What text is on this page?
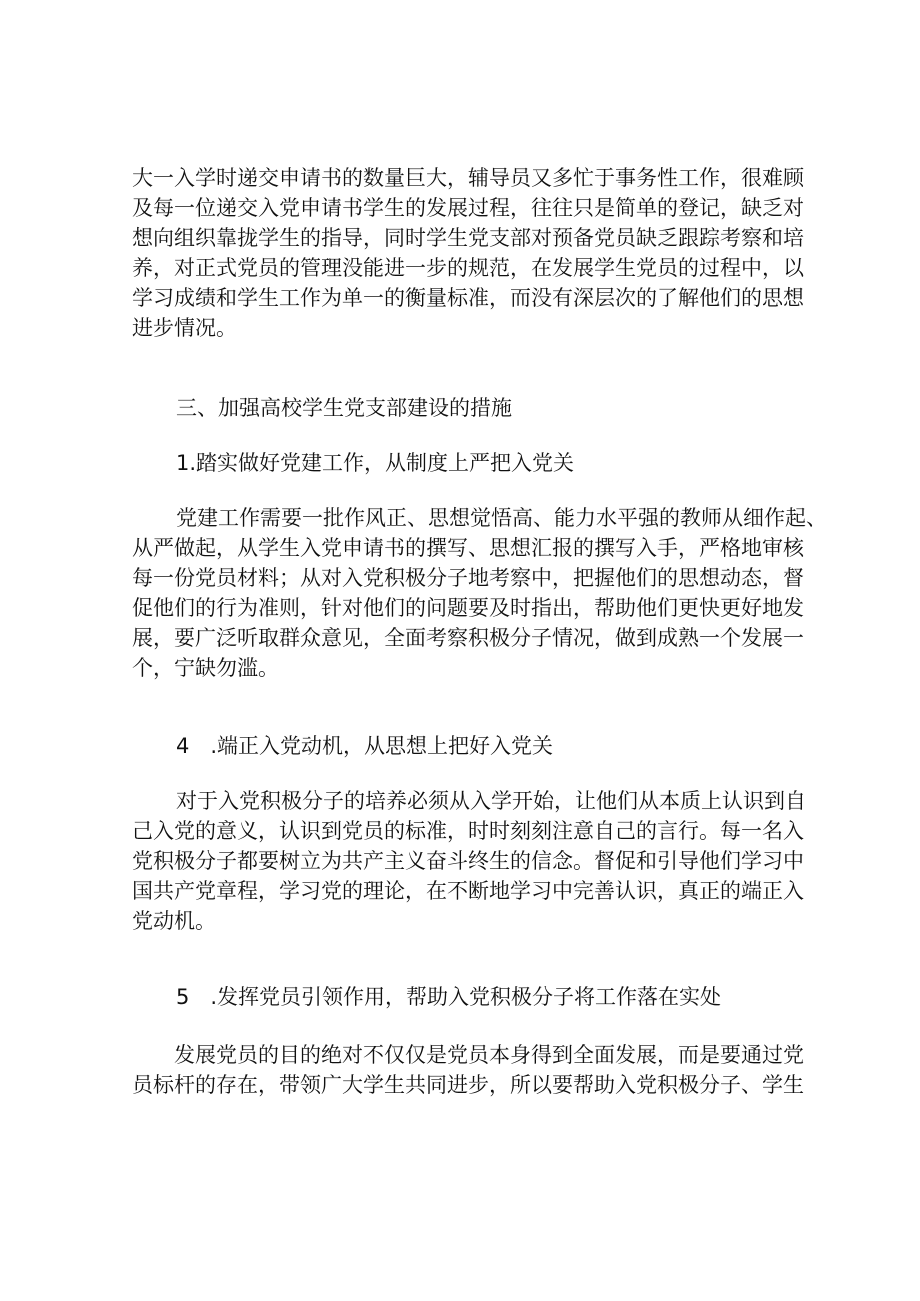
大一入学时递交申请书的数量巨大，辅导员又多忙于事务性工作，很难顾
及每一位递交入党申请书学生的发展过程，往往只是简单的登记，缺乏对
想向组织靠拢学生的指导，同时学生党支部对预备党员缺乏跟踪考察和培
养，对正式党员的管理没能进一步的规范，在发展学生党员的过程中，以
学习成绩和学生工作为单一的衡量标准，而没有深层次的了解他们的思想
进步情况。
三、加强高校学生党支部建设的措施
1.踏实做好党建工作，从制度上严把入党关
党建工作需要一批作风正、思想觉悟高、能力水平强的教师从细作起、
从严做起，从学生入党申请书的撰写、思想汇报的撰写入手，严格地审核
每一份党员材料；从对入党积极分子地考察中，把握他们的思想动态，督
促他们的行为准则，针对他们的问题要及时指出，帮助他们更快更好地发
展，要广泛听取群众意见，全面考察积极分子情况，做到成熟一个发展一
个，宁缺勿滥。
4　.端正入党动机，从思想上把好入党关
对于入党积极分子的培养必须从入学开始，让他们从本质上认识到自
己入党的意义，认识到党员的标准，时时刻刻注意自己的言行。每一名入
党积极分子都要树立为共产主义奋斗终生的信念。督促和引导他们学习中
国共产党章程，学习党的理论，在不断地学习中完善认识，真正的端正入
党动机。
5　.发挥党员引领作用，帮助入党积极分子将工作落在实处
发展党员的目的绝对不仅仅是党员本身得到全面发展，而是要通过党
员标杆的存在，带领广大学生共同进步，所以要帮助入党积极分子、学生
